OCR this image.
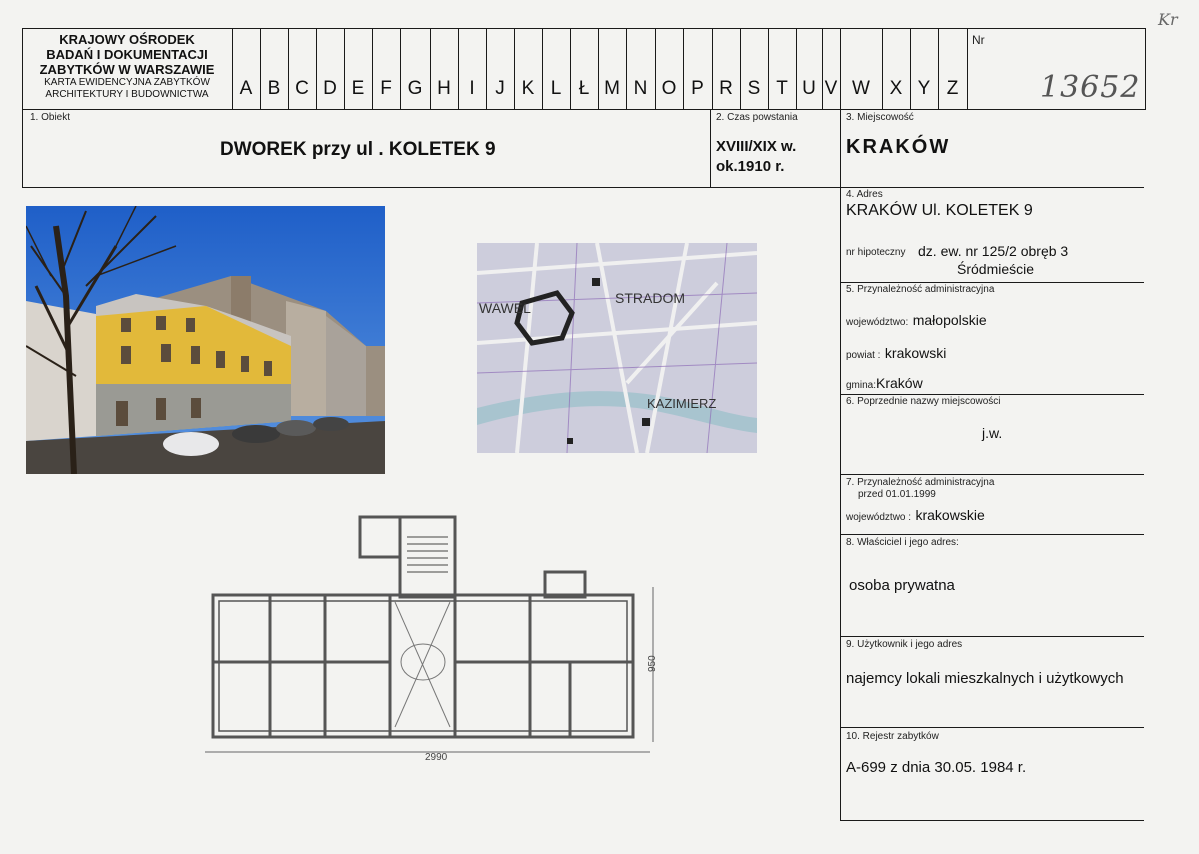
KRAJOWY OŚRODEK
BADAŃ I DOKUMENTACJI
ZABYTKÓW W WARSZAWIE
KARTA EWIDENCYJNA ZABYTKÓW
ARCHITEKTURY I BUDOWNICTWA	A B C D E F G H I	J K L Ł M N O P R S T U V W	X Y Z
Nr
13652
Kr
1. Obiekt
DWOREK przy ul . KOLETEK 9
2. Czas powstania
XVIII/XIX w.
ok.1910 r.
3. Miejscowość
KRAKÓW
4. Adres
KRAKÓW Ul. KOLETEK 9
nr hipoteczny dz. ew. nr 125/2 obręb 3
Śródmieście
5. Przynależność administracyjna
województwo: małopolskie
powiat : krakowski
gmina:Kraków
6. Poprzednie nazwy miejscowości
j.w.
7. Przynależność administracyjna
przed 01.01.1999
województwo : krakowskie
8. Właściciel i jego adres:
osoba prywatna
9. Użytkownik i jego adres
najemcy lokali mieszkalnych i użytkowych
10. Rejestr zabytków
A-699 z dnia 30.05. 1984 r.
STRADOM
KAZIMIERZ
WAWEL
2990
950
